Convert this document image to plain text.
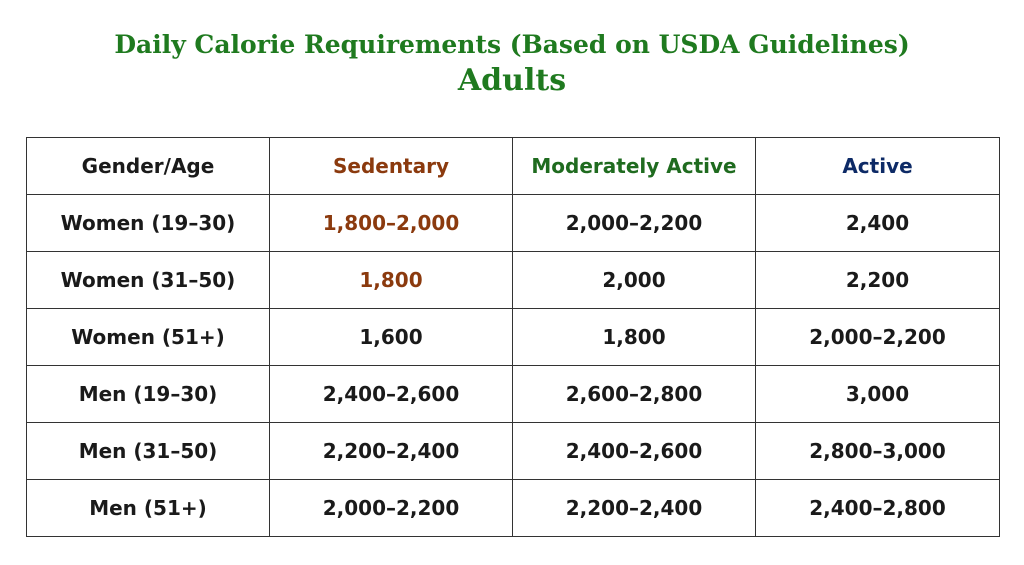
Daily Calorie Requirements (Based on USDA Guidelines)
Adults
Gender/Age	Sedentary	Moderately Active	Active
Women (19–30)	1,800–2,000	2,000–2,200	2,400
Women (31–50)	1,800	2,000	2,200
Women (51+)	1,600	1,800	2,000–2,200
Men (19–30)	2,400–2,600	2,600–2,800	3,000
Men (31–50)	2,200–2,400	2,400–2,600	2,800–3,000
Men (51+)	2,000–2,200	2,200–2,400	2,400–2,800
